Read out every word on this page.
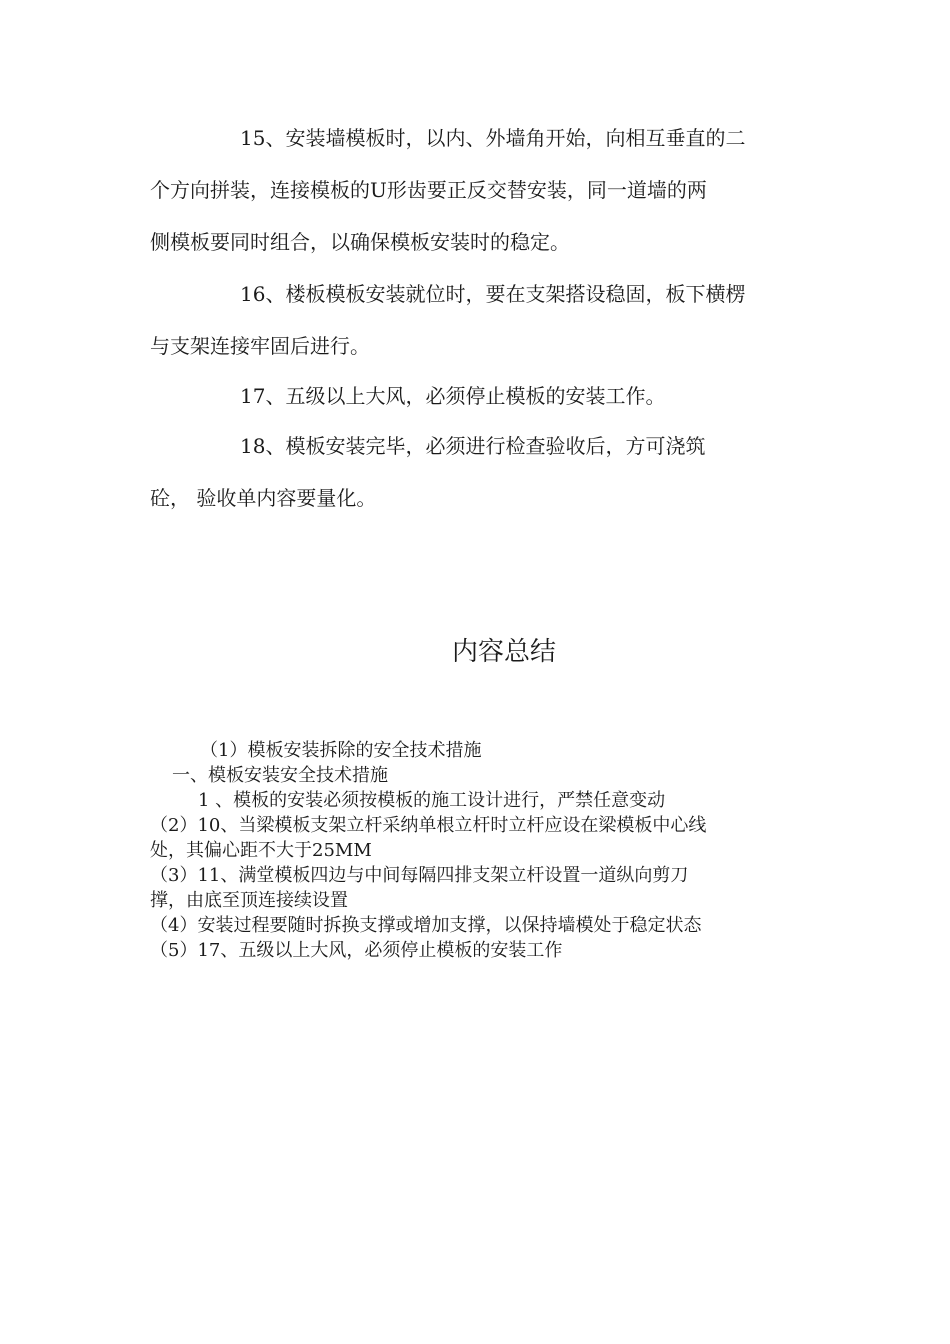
15、安装墙模板时，以内、外墙角开始，向相互垂直的二
个方向拼装，连接模板的U形齿要正反交替安装，同一道墙的两
侧模板要同时组合，以确保模板安装时的稳定。
16、楼板模板安装就位时，要在支架搭设稳固，板下横楞
与支架连接牢固后进行。
17、五级以上大风，必须停止模板的安装工作。
18、模板安装完毕，必须进行检查验收后，方可浇筑
砼， 验收单内容要量化。
内容总结
（1）模板安装拆除的安全技术措施
一、模板安装安全技术措施
1 、模板的安装必须按模板的施工设计进行，严禁任意变动
（2）10、当梁模板支架立杆采纳单根立杆时立杆应设在梁模板中心线
处，其偏心距不大于25MM
（3）11、满堂模板四边与中间每隔四排支架立杆设置一道纵向剪刀
撑，由底至顶连接续设置
（4）安装过程要随时拆换支撑或增加支撑，以保持墙模处于稳定状态
（5）17、五级以上大风，必须停止模板的安装工作
